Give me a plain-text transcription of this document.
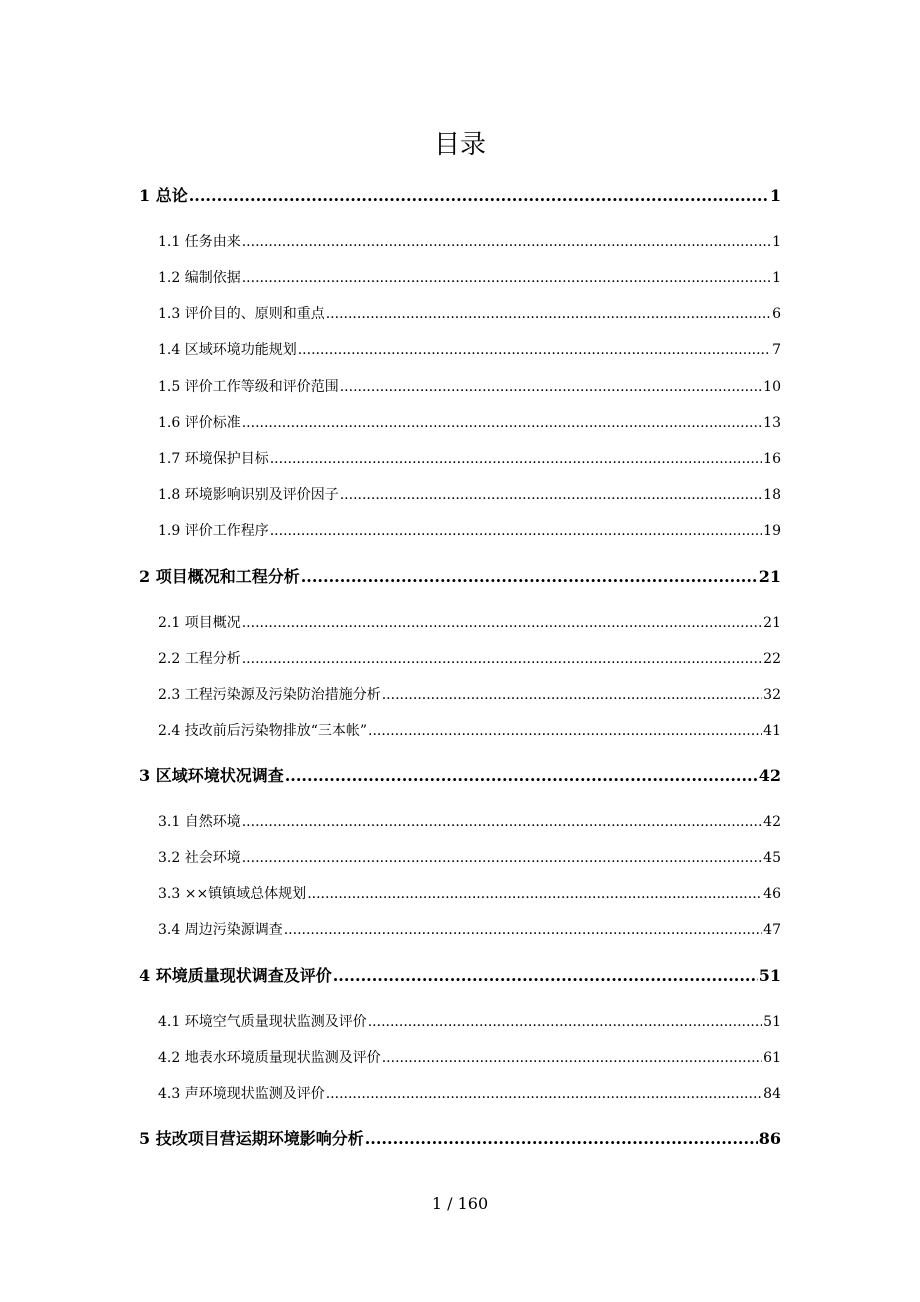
目录
1 总论 .....	1
1.1 任务由来 .....	1
1.2 编制依据 .....	1
1.3 评价目的、原则和重点 .....	6
1.4 区域环境功能规划 .....	7
1.5 评价工作等级和评价范围 .....	10
1.6 评价标准 .....	13
1.7 环境保护目标 .....	16
1.8 环境影响识别及评价因子 .....	18
1.9 评价工作程序 .....	19
2 项目概况和工程分析 .....	21
2.1 项目概况 .....	21
2.2 工程分析 .....	22
2.3 工程污染源及污染防治措施分析 .....	32
2.4 技改前后污染物排放“三本帐” .....	41
3 区域环境状况调查 .....	42
3.1 自然环境 .....	42
3.2 社会环境 .....	45
3.3 ××镇镇域总体规划 .....	46
3.4 周边污染源调查 .....	47
4 环境质量现状调查及评价 .....	51
4.1 环境空气质量现状监测及评价 .....	51
4.2 地表水环境质量现状监测及评价 .....	61
4.3 声环境现状监测及评价 .....	84
5 技改项目营运期环境影响分析 .....	86
1 / 160
